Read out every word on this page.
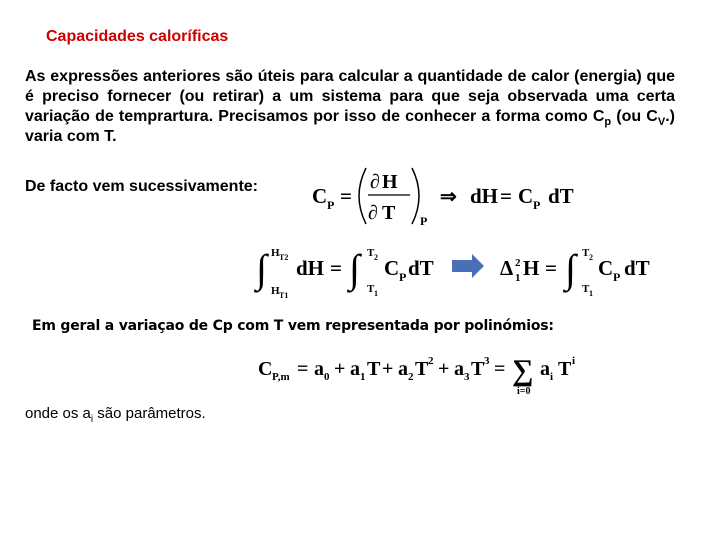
Capacidades caloríficas
As expressões anteriores são úteis para calcular a quantidade de calor (energia) que é preciso fornecer (ou retirar) a um sistema para que seja observada uma certa variação de temprartura. Precisamos por isso de conhecer a forma como $C_p$ (ou $C_V$.) varia com T.
De facto vem sucessivamente:
Em geral a variaçao de Cp com T vem representada por polinómios:
onde os $a_i$ são parâmetros.
C P =
∂ H
∂ T P
⇒ dH = C P dT
∫ H T2
H T1
dH = ∫ T 2
T 1
C P dT	Δ 2
1 H = ∫ T 2
T 1
C P dT
C P,m = a 0 + a 1 T + a 2 T 2 + a 3 T 3 = ∑
i=0
a i T i
